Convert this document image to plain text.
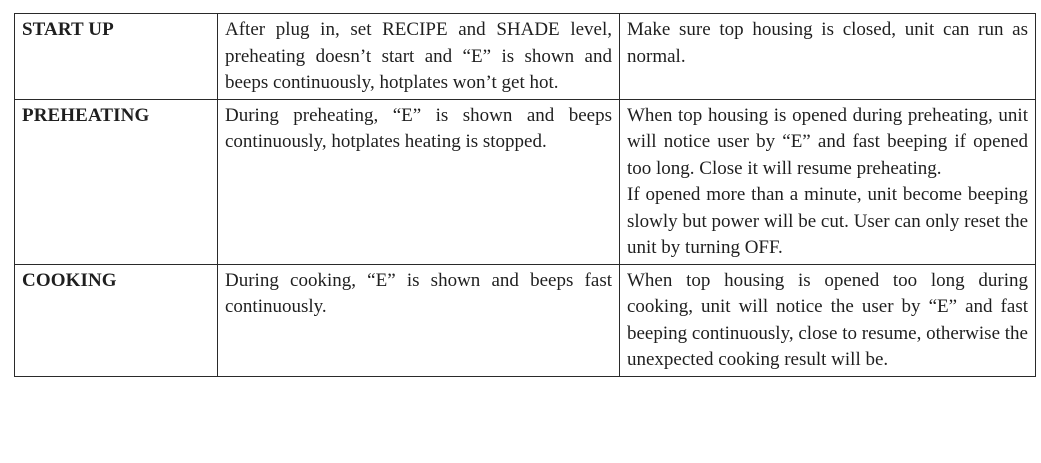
START UP	After plug in, set RECIPE and SHADE level, preheating doesn’t start and “E” is shown and beeps continuously, hotplates won’t get hot.	Make sure top housing is closed, unit can run as normal.

PREHEATING	During preheating, “E” is shown and beeps continuously, hotplates heating is stopped.	When top housing is opened during preheating, unit will notice user by “E” and fast beeping if opened too long. Close it will resume preheating.
If opened more than a minute, unit become beeping slowly but power will be cut. User can only reset the unit by turning OFF.

COOKING	During cooking, “E” is shown and beeps fast continuously.	When top housing is opened too long during cooking, unit will notice the user by “E” and fast beeping continuously, close to resume, otherwise the unexpected cooking result will be.
